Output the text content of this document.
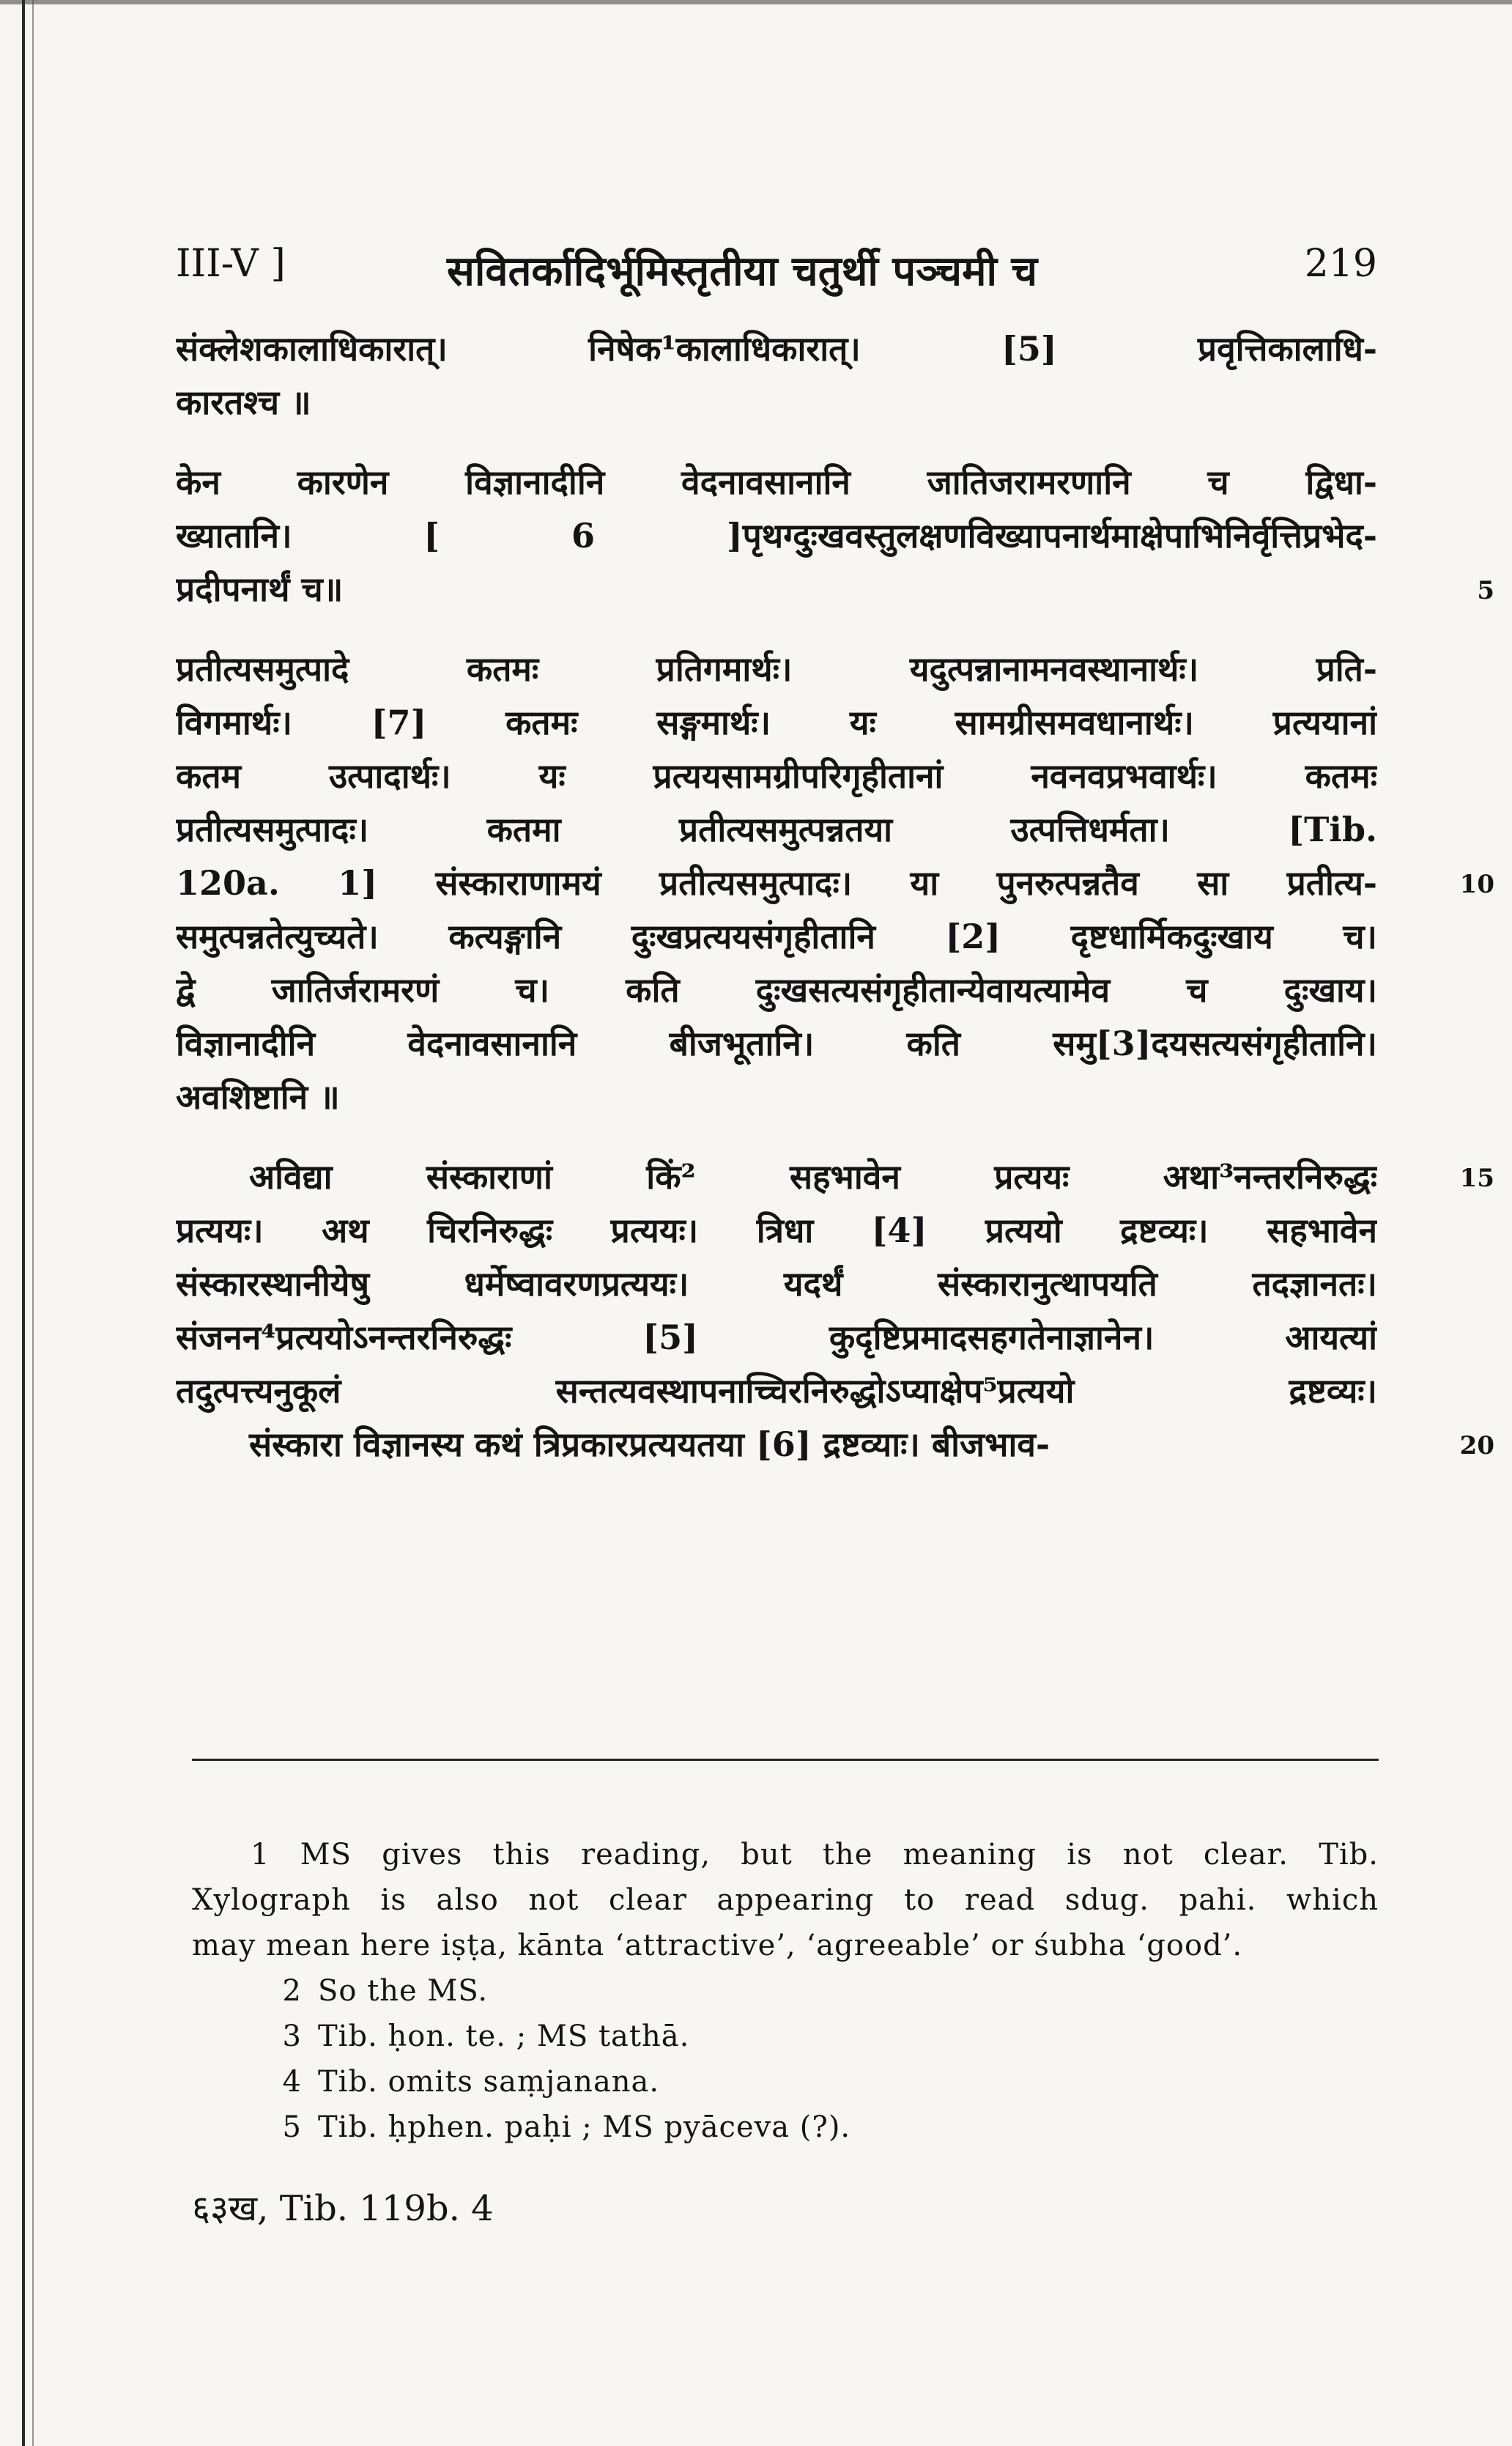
III-V ]	सवितर्कादिर्भूमिस्तृतीया चतुर्थी पञ्चमी च	219
संक्लेशकालाधिकारात्। निषेक¹कालाधिकारात्। [5] प्रवृत्तिकालाधि-
कारतश्च ॥
केन कारणेन विज्ञानादीनि वेदनावसानानि जातिजरामरणानि च द्विधा-
ख्यातानि। [ 6 ]पृथग्दुःखवस्तुलक्षणविख्यापनार्थमाक्षेपाभिनिर्वृत्तिप्रभेद-
प्रदीपनार्थं च॥	5
प्रतीत्यसमुत्पादे कतमः प्रतिगमार्थः। यदुत्पन्नानामनवस्थानार्थः। प्रति-
विगमार्थः। [7] कतमः सङ्गमार्थः। यः सामग्रीसमवधानार्थः। प्रत्ययानां
कतम उत्पादार्थः। यः प्रत्ययसामग्रीपरिगृहीतानां नवनवप्रभवार्थः। कतमः
प्रतीत्यसमुत्पादः। कतमा प्रतीत्यसमुत्पन्नतया उत्पत्तिधर्मता। [Tib.
120a. 1] संस्काराणामयं प्रतीत्यसमुत्पादः। या पुनरुत्पन्नतैव सा प्रतीत्य-	10
समुत्पन्नतेत्युच्यते। कत्यङ्गानि दुःखप्रत्ययसंगृहीतानि [2] दृष्टधार्मिकदुःखाय च।
द्वे जातिर्जरामरणं च। कति दुःखसत्यसंगृहीतान्येवायत्यामेव च दुःखाय।
विज्ञानादीनि वेदनावसानानि बीजभूतानि। कति समु[3]दयसत्यसंगृहीतानि।
अवशिष्टानि ॥
अविद्या संस्काराणां किं² सहभावेन प्रत्ययः अथा³नन्तरनिरुद्धः	15
प्रत्ययः। अथ चिरनिरुद्धः प्रत्ययः। त्रिधा [4] प्रत्ययो द्रष्टव्यः। सहभावेन
संस्कारस्थानीयेषु धर्मेष्वावरणप्रत्ययः। यदर्थं संस्कारानुत्थापयति तदज्ञानतः।
संजनन⁴प्रत्ययोऽनन्तरनिरुद्धः [5] कुदृष्टिप्रमादसहगतेनाज्ञानेन। आयत्यां
तदुत्पत्त्यनुकूलं सन्तत्यवस्थापनाच्चिरनिरुद्धोऽप्याक्षेप⁵प्रत्ययो द्रष्टव्यः।
संस्कारा विज्ञानस्य कथं त्रिप्रकारप्रत्ययतया [6] द्रष्टव्याः। बीजभाव-	20
1 MS gives this reading, but the meaning is not clear. Tib.
Xylograph is also not clear appearing to read sdug. pahi. which
may mean here iṣṭa, kānta ‘attractive’, ‘agreeable’ or śubha ‘good’.
2 So the MS.
3 Tib. ḥon. te. ; MS tathā.
4 Tib. omits saṃjanana.
5 Tib. ḥphen. paḥi ; MS pyāceva (?).
६३ख, Tib. 119b. 4
